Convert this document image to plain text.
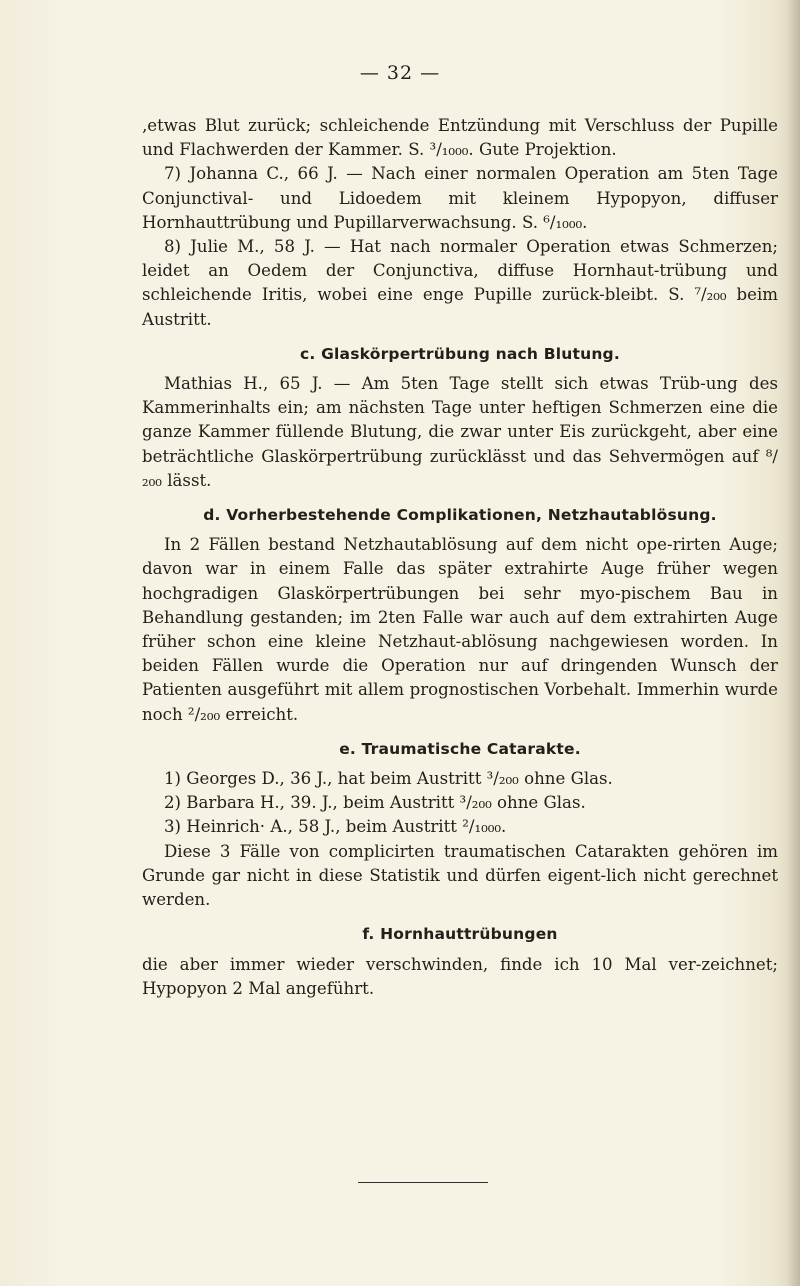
— 32 —

‚etwas Blut zurück; schleichende Entzündung mit Verschluss der Pupille und Flachwerden der Kammer. S. ³/₁₀₀₀. Gute Projektion.

7) Johanna C., 66 J. — Nach einer normalen Operation am 5ten Tage Conjunctival- und Lidoedem mit kleinem Hypopyon, diffuser Hornhauttrübung und Pupillarverwachsung. S. ⁶/₁₀₀₀.

8) Julie M., 58 J. — Hat nach normaler Operation etwas Schmerzen; leidet an Oedem der Conjunctiva, diffuse Hornhaut-trübung und schleichende Iritis, wobei eine enge Pupille zurück-bleibt. S. ⁷/₂₀₀ beim Austritt.

c. Glaskörpertrübung nach Blutung.

Mathias H., 65 J. — Am 5ten Tage stellt sich etwas Trüb-ung des Kammerinhalts ein; am nächsten Tage unter heftigen Schmerzen eine die ganze Kammer füllende Blutung, die zwar unter Eis zurückgeht, aber eine beträchtliche Glaskörpertrübung zurücklässt und das Sehvermögen auf ⁸/₂₀₀ lässt.

d. Vorherbestehende Complikationen, Netzhautablösung.

In 2 Fällen bestand Netzhautablösung auf dem nicht ope-rirten Auge; davon war in einem Falle das später extrahirte Auge früher wegen hochgradigen Glaskörpertrübungen bei sehr myo-pischem Bau in Behandlung gestanden; im 2ten Falle war auch auf dem extrahirten Auge früher schon eine kleine Netzhaut-ablösung nachgewiesen worden. In beiden Fällen wurde die Operation nur auf dringenden Wunsch der Patienten ausgeführt mit allem prognostischen Vorbehalt. Immerhin wurde noch ²/₂₀₀ erreicht.

e. Traumatische Catarakte.

1) Georges D., 36 J., hat beim Austritt ³/₂₀₀ ohne Glas.

2) Barbara H., 39. J., beim Austritt ³/₂₀₀ ohne Glas.

3) Heinrich· A., 58 J., beim Austritt ²/₁₀₀₀.

Diese 3 Fälle von complicirten traumatischen Catarakten gehören im Grunde gar nicht in diese Statistik und dürfen eigent-lich nicht gerechnet werden.

f. Hornhauttrübungen

die aber immer wieder verschwinden, finde ich 10 Mal ver-zeichnet; Hypopyon 2 Mal angeführt.
